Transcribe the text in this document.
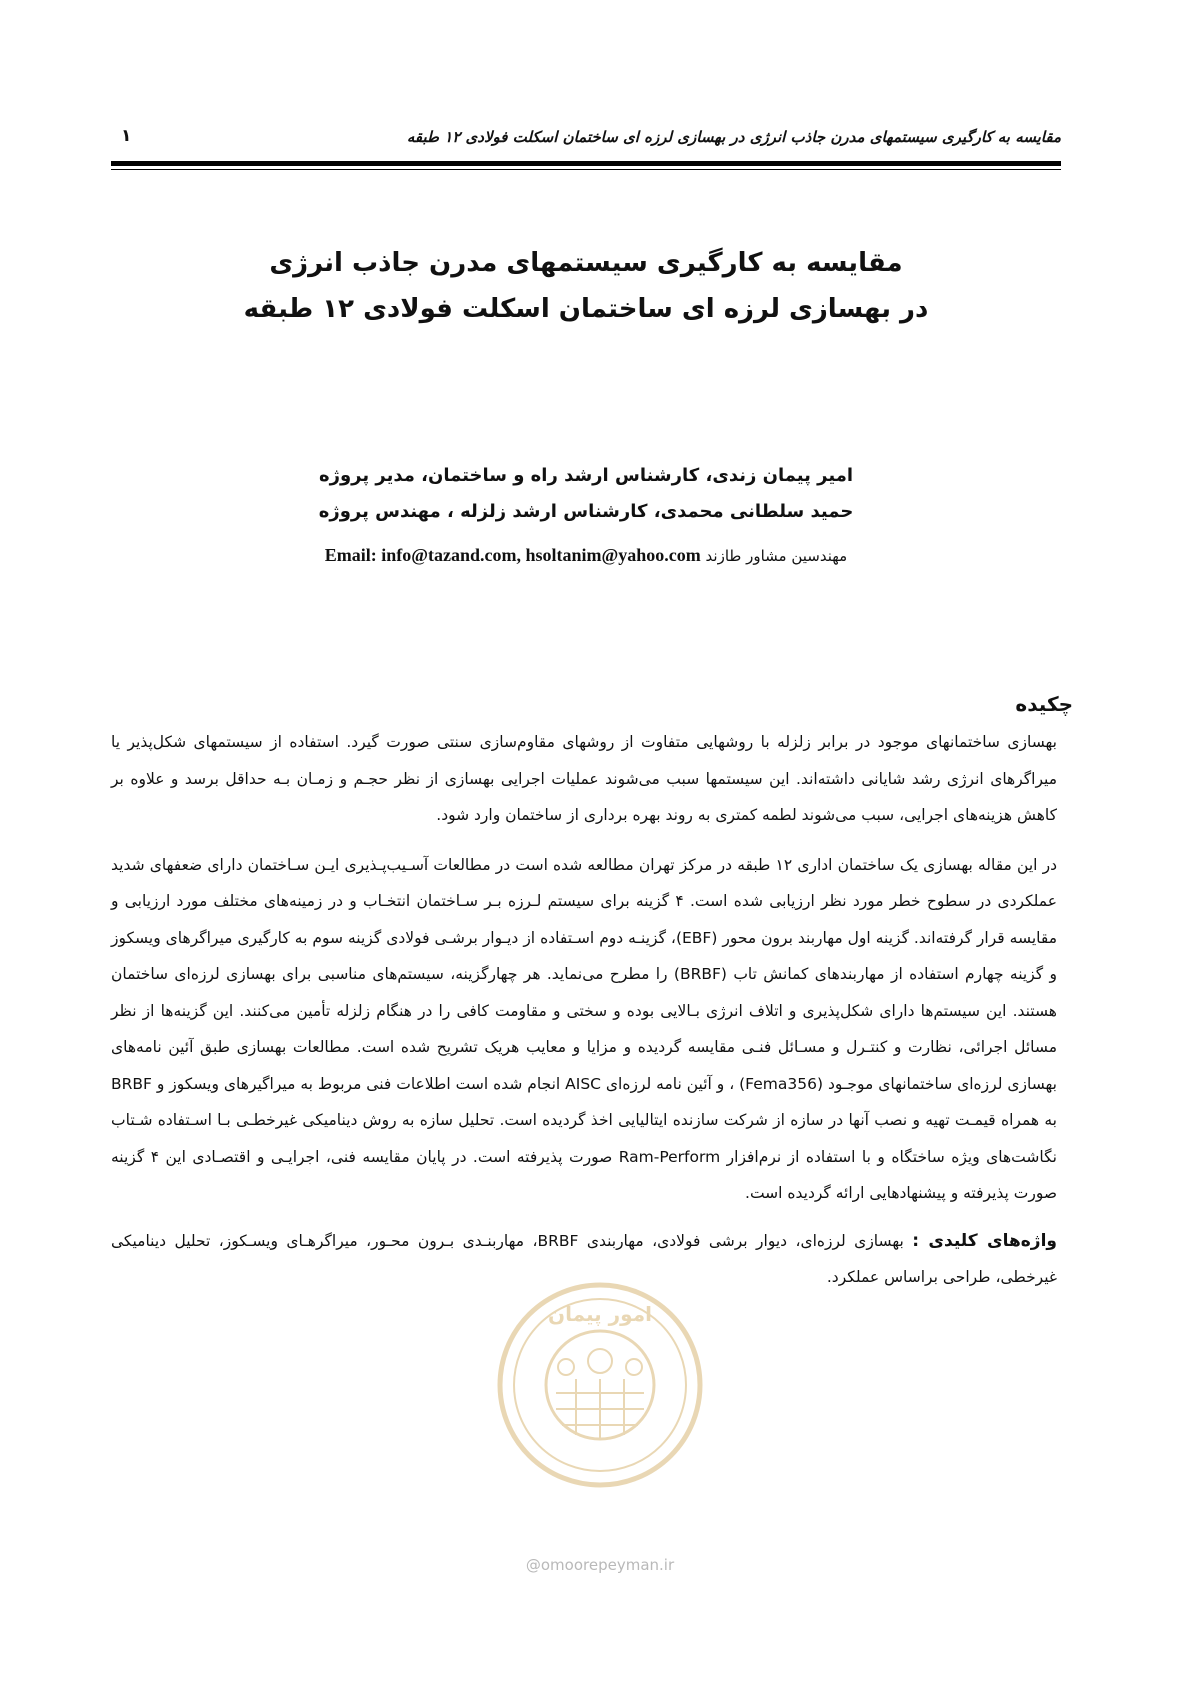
۱	مقایسه به کارگیری سیستمهای مدرن جاذب انرژی در بهسازی لرزه ای ساختمان اسکلت فولادی ۱۲ طبقه
مقایسه به کارگیری سیستمهای مدرن جاذب انرژی
در بهسازی لرزه ای ساختمان اسکلت فولادی ۱۲ طبقه
امیر پیمان زندی، کارشناس ارشد راه و ساختمان، مدیر پروژه
حمید سلطانی محمدی، کارشناس ارشد زلزله ، مهندس پروژه
مهندسین مشاور طازند Email: info@tazand.com, hsoltanim@yahoo.com
چکیده

بهسازی ساختمانهای موجود در برابر زلزله با روشهایی متفاوت از روشهای مقاوم‌سازی سنتی صورت گیرد. استفاده از سیستمهای شکل‌پذیر یا میراگرهای انرژی رشد شایانی داشته‌اند. این سیستمها سبب می‌شوند عملیات اجرایی بهسازی از نظر حجـم و زمـان بـه حداقل برسد و علاوه بر کاهش هزینه‌های اجرایی، سبب می‌شوند لطمه کمتری به روند بهره برداری از ساختمان وارد شود.

در این مقاله بهسازی یک ساختمان اداری ۱۲ طبقه در مرکز تهران مطالعه شده است در مطالعات آسـیب‌پـذیری ایـن سـاختمان دارای ضعفهای شدید عملکردی در سطوح خطر مورد نظر ارزیابی شده است. ۴ گزینه برای سیستم لـرزه بـر سـاختمان انتخـاب و در زمینه‌های مختلف مورد ارزیابی و مقایسه قرار گرفته‌اند. گزینه اول مهاربند برون محور (EBF)، گزینـه دوم اسـتفاده از دیـوار برشـی فولادی گزینه سوم به کارگیری میراگرهای ویسکوز و گزینه چهارم استفاده از مهاربندهای کمانش تاب (BRBF) را مطرح می‌نماید. هر چهارگزینه، سیستم‌های مناسبی برای بهسازی لرزه‌ای ساختمان هستند. این سیستم‌ها دارای شکل‌پذیری و اتلاف انرژی بـالایی بوده و سختی و مقاومت کافی را در هنگام زلزله تأمین می‌کنند. این گزینه‌ها از نظر مسائل اجرائی، نظارت و کنتـرل و مسـائل فنـی مقایسه گردیده و مزایا و معایب هریک تشریح شده است. مطالعات بهسازی طبق آئین نامه‌های بهسازی لرزه‌ای ساختمانهای موجـود (Fema356) ، و آئین نامه لرزه‌ای AISC انجام شده است اطلاعات فنی مربوط به میراگیرهای ویسکوز و BRBF به همراه قیمـت تهیه و نصب آنها در سازه از شرکت سازنده ایتالیایی اخذ گردیده است. تحلیل سازه به روش دینامیکی غیرخطـی بـا اسـتفاده شـتاب نگاشت‌های ویژه ساختگاه و با استفاده از نرم‌افزار Ram-Perform صورت پذیرفته است. در پایان مقایسه فنی، اجرایـی و اقتصـادی این ۴ گزینه صورت پذیرفته و پیشنهادهایی ارائه گردیده است.

واژه‌های کلیدی : بهسازی لرزه‌ای، دیوار برشی فولادی، مهاربندی BRBF، مهاربنـدی بـرون محـور، میراگرهـای ویسـکوز، تحلیل دینامیکی غیرخطی، طراحی براساس عملکرد.

امور پیمان
@omoorepeyman.ir
